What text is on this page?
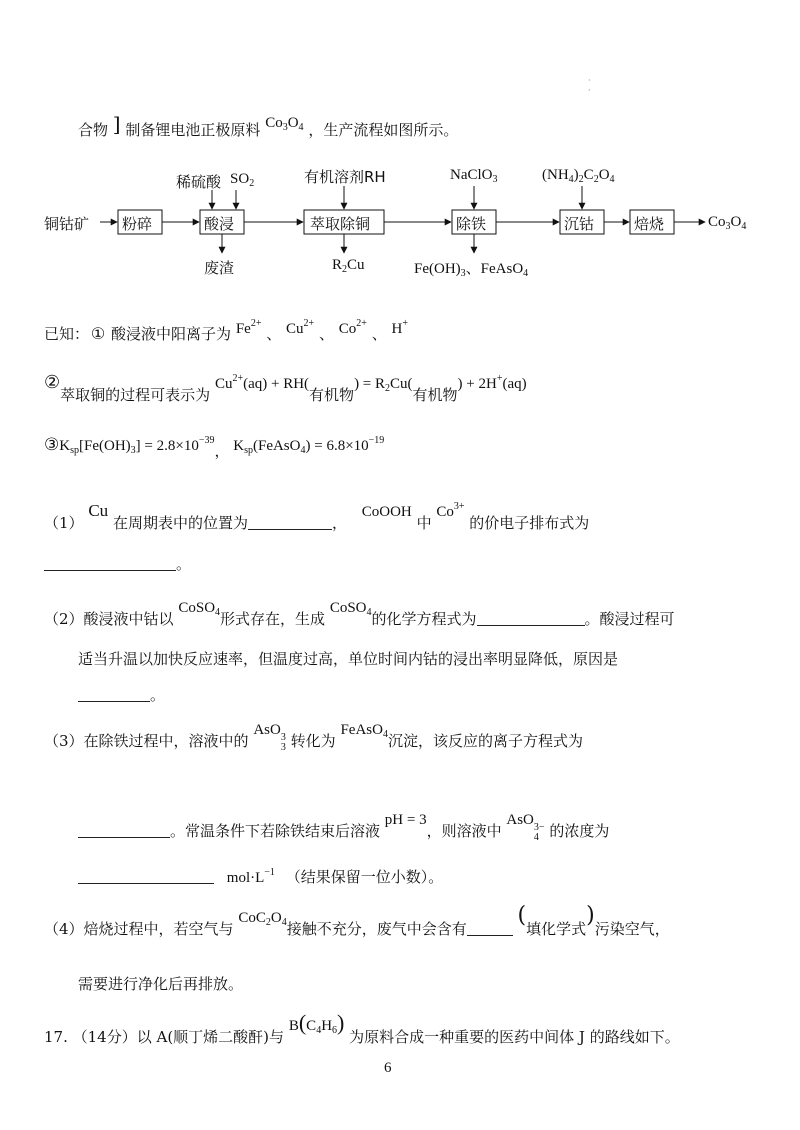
合物 ] 制备锂电池正极原料 $Co_3O_4$ ，生产流程如图所示。
·
·
铜钴矿 粉碎	酸浸	萃取除铜	除铁	沉钴	焙烧	$Co_3O_4$
稀硫酸 $SO_2$	有机溶剂RH	NaClO$_3$	$(NH_4)_2C_2O_4$
废渣	$R_2Cu$	$Fe(OH)_3$、FeAsO$_4$
已知： ① 酸浸液中阳离子为 $Fe^{2+}$ 、 $Cu^{2+}$ 、 $Co^{2+}$ 、 H+
②萃取铜的过程可表示为 $Cu^{2+}(aq) + RH$(有机物) = $R_2Cu$(有机物) + 2H+(aq)
$③K_{sp}[Fe(OH)_3] = 2.8\times 10^{-39}$， $K_{sp}(FeAsO_4) = 6.8\times 10^{-19}$
（1） Cu 在周期表中的位置为	， CoOOH 中 $Co^{3+}$ 的价电子排布式为
。
（2）酸浸液中钴以 CoSO$_4$形式存在，生成 CoSO$_4$的化学方程式为	。酸浸过程可
适当升温以加快反应速率，但温度过高，单位时间内钴的浸出率明显降低，原因是
。
（3）在除铁过程中，溶液中的 AsO 3
3 转化为 FeAsO$_4$沉淀，该反应的离子方程式为
。常温条件下若除铁结束后溶液 pH = 3，则溶液中 AsO 3−
4 的浓度为
$mol\cdot L^{-1}$ （结果保留一位小数）。
（4）焙烧过程中，若空气与 $CoC_2O_4$接触不充分，废气中会含有 (填化学式)污染空气，
需要进行净化后再排放。
17. （14分）以 A(顺丁烯二酸酐)与 $B(C_4H_6)$ 为原料合成一种重要的医药中间体 J 的路线如下。
6
